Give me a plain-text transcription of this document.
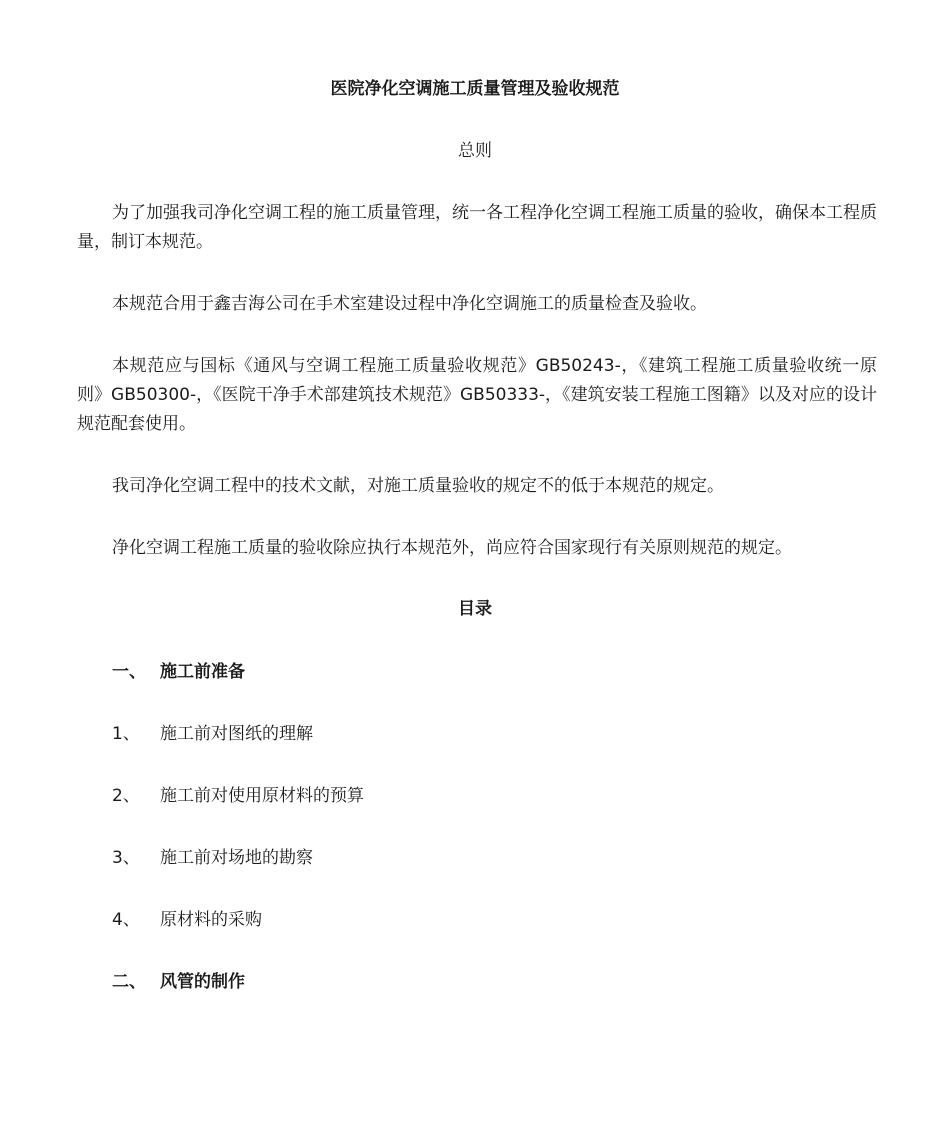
医院净化空调施工质量管理及验收规范

总则

为了加强我司净化空调工程的施工质量管理，统一各工程净化空调工程施工质量的验收，确保本工程质量，制订本规范。

本规范合用于鑫吉海公司在手术室建设过程中净化空调施工的质量检查及验收。

本规范应与国标《通风与空调工程施工质量验收规范》GB50243-，《建筑工程施工质量验收统一原则》GB50300-，《医院干净手术部建筑技术规范》GB50333-，《建筑安装工程施工图籍》以及对应的设计规范配套使用。

我司净化空调工程中的技术文献，对施工质量验收的规定不的低于本规范的规定。

净化空调工程施工质量的验收除应执行本规范外，尚应符合国家现行有关原则规范的规定。

目录

一、 施工前准备
1、	施工前对图纸的理解
2、	施工前对使用原材料的预算
3、	施工前对场地的勘察
4、	原材料的采购
二、 风管的制作
